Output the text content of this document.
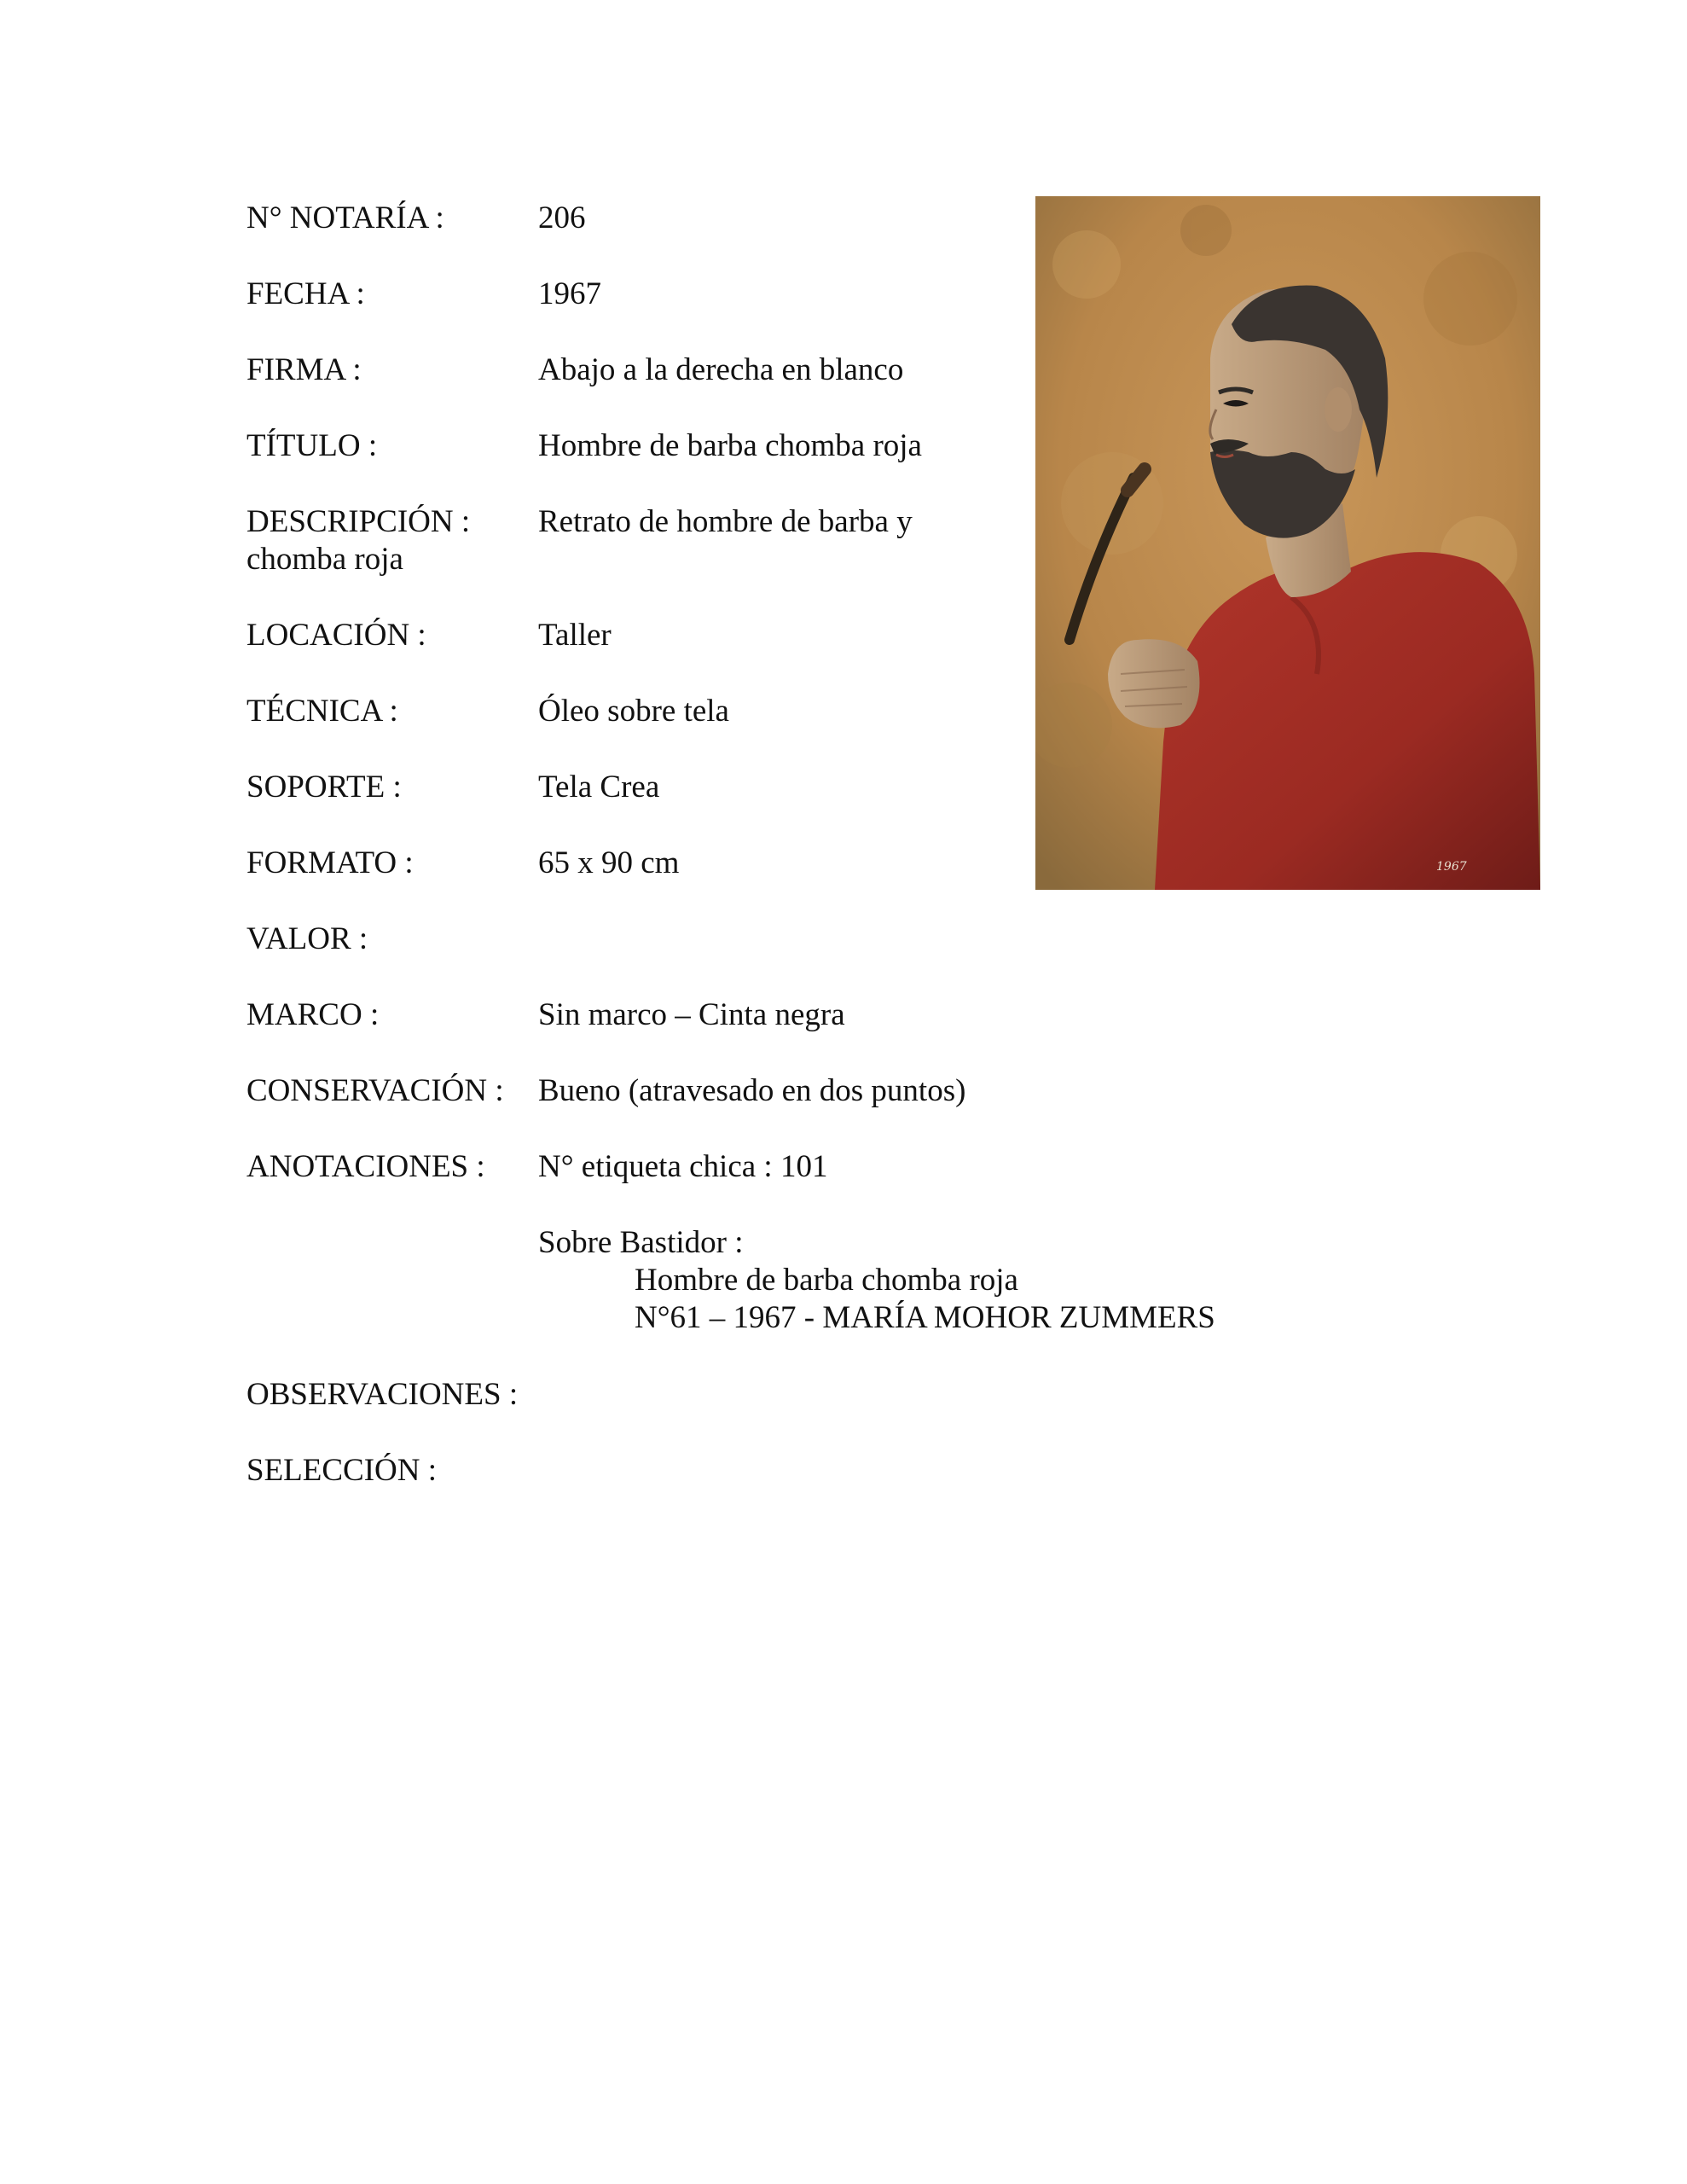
N° NOTARÍA :	206
FECHA :	1967
FIRMA :	Abajo a la derecha en blanco
TÍTULO :	Hombre de barba chomba roja
DESCRIPCIÓN : Retrato de hombre de barba y
chomba roja
LOCACIÓN :	Taller
TÉCNICA :	Óleo sobre tela
SOPORTE :	Tela Crea
FORMATO :	65 x 90 cm
VALOR :
MARCO :	Sin marco – Cinta negra
CONSERVACIÓN : Bueno (atravesado en dos puntos)
ANOTACIONES : N° etiqueta chica : 101
Sobre Bastidor :
Hombre de barba chomba roja
N°61 – 1967 - MARÍA MOHOR ZUMMERS
OBSERVACIONES :
SELECCIÓN :
1967
